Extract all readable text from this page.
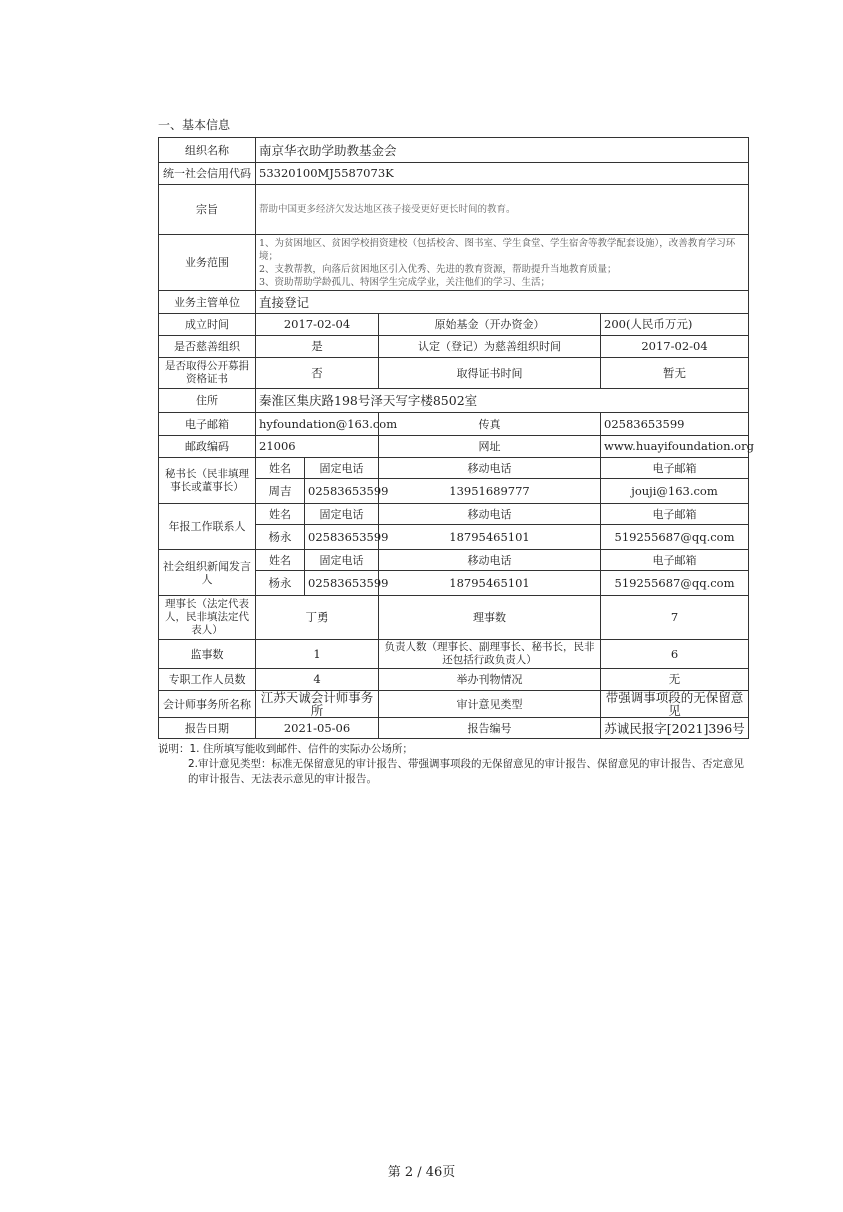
一、基本信息
组织名称	南京华衣助学助教基金会			
统一社会信用代码	53320100MJ5587073K			
宗旨	帮助中国更多经济欠发达地区孩子接受更好更长时间的教育。			
业务范围	1、为贫困地区、贫困学校捐资建校（包括校舍、图书室、学生食堂、学生宿舍等教学配套设施），改善教育学习环境；
2、支教帮教，向落后贫困地区引入优秀、先进的教育资源，帮助提升当地教育质量；
3、资助帮助学龄孤儿、特困学生完成学业，关注他们的学习、生活；			

业务主管单位	直接登记			
成立时间	2017-02-04		原始基金（开办资金）	200(人民币万元)
是否慈善组织	是		认定（登记）为慈善组织时间	2017-02-04
是否取得公开募捐资格证书	否		取得证书时间	暂无
住所	秦淮区集庆路198号泽天写字楼8502室			
电子邮箱	hyfoundation@163.com		传真	02583653599
邮政编码	21006		网址	www.huayifoundation.org
秘书长（民非填理事长或董事长）	姓名	固定电话	移动电话	电子邮箱
	周吉	02583653599	13951689777	jouji@163.com
年报工作联系人	姓名	固定电话	移动电话	电子邮箱
	杨永	02583653599	18795465101	519255687@qq.com
社会组织新闻发言人	姓名	固定电话	移动电话	电子邮箱
	杨永	02583653599	18795465101	519255687@qq.com
理事长（法定代表人，民非填法定代表人）	丁勇		理事数	7
监事数	1		负责人数（理事长、副理事长、秘书长，民非还包括行政负责人）	6
专职工作人员数	4		举办刊物情况	无
会计师事务所名称	江苏天诚会计师事务所		审计意见类型	带强调事项段的无保留意见
报告日期	2021-05-06		报告编号	苏诚民报字[2021]396号

说明：1. 住所填写能收到邮件、信件的实际办公场所；

2.审计意见类型：标准无保留意见的审计报告、带强调事项段的无保留意见的审计报告、保留意见的审计报告、否定意见的审计报告、无法表示意见的审计报告。

第 2 / 46页
